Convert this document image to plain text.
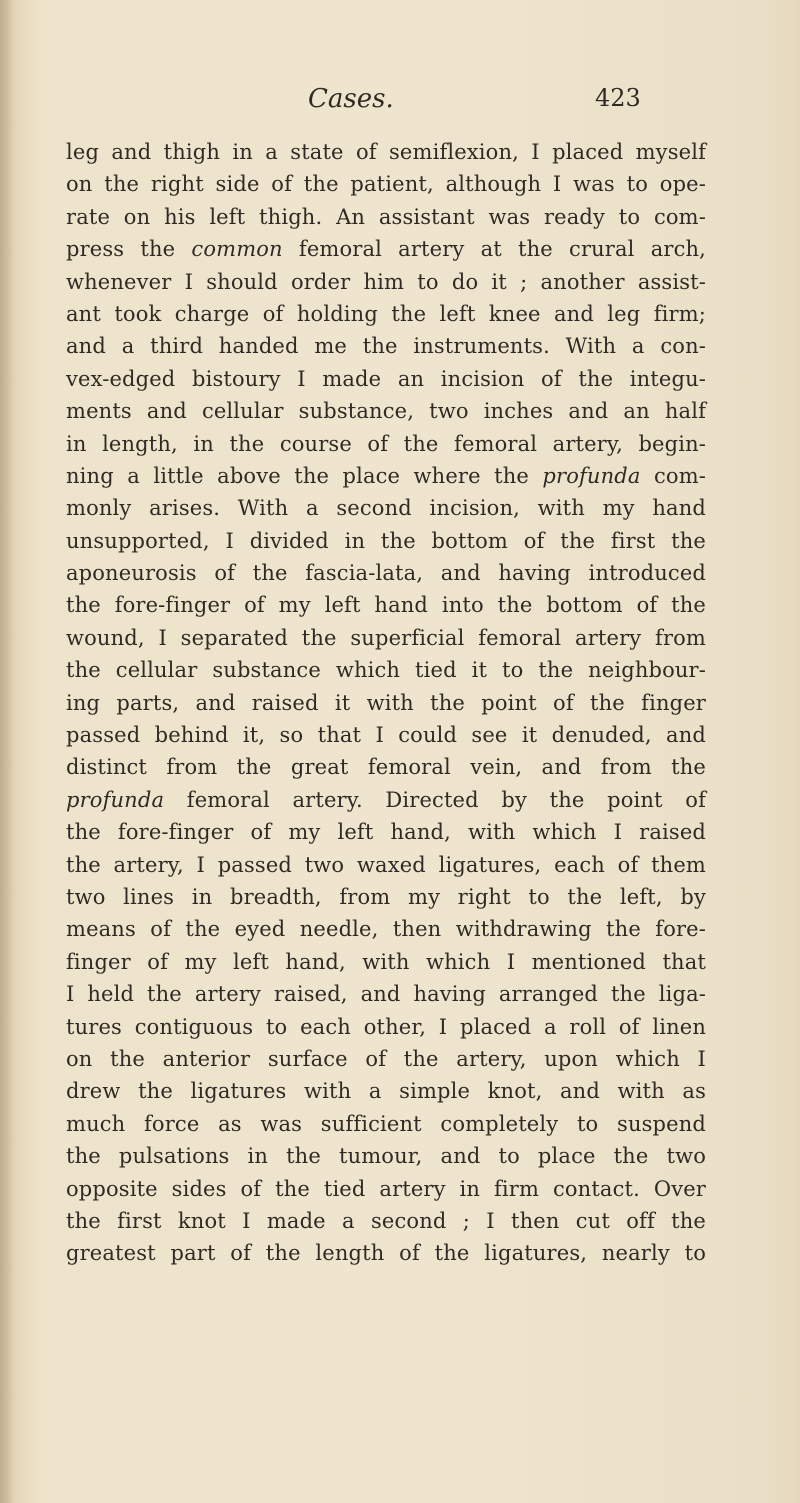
Cases.	423
leg and thigh in a state of semiflexion, I placed myself
on the right side of the patient, although I was to ope-
rate on his left thigh. An assistant was ready to com-
press the common femoral artery at the crural arch,
whenever I should order him to do it ; another assist-
ant took charge of holding the left knee and leg firm;
and a third handed me the instruments. With a con-
vex-edged bistoury I made an incision of the integu-
ments and cellular substance, two inches and an half
in length, in the course of the femoral artery, begin-
ning a little above the place where the profunda com-
monly arises. With a second incision, with my hand
unsupported, I divided in the bottom of the first the
aponeurosis of the fascia-lata, and having introduced
the fore-finger of my left hand into the bottom of the
wound, I separated the superficial femoral artery from
the cellular substance which tied it to the neighbour-
ing parts, and raised it with the point of the finger
passed behind it, so that I could see it denuded, and
distinct from the great femoral vein, and from the
profunda femoral artery. Directed by the point of
the fore-finger of my left hand, with which I raised
the artery, I passed two waxed ligatures, each of them
two lines in breadth, from my right to the left, by
means of the eyed needle, then withdrawing the fore-
finger of my left hand, with which I mentioned that
I held the artery raised, and having arranged the liga-
tures contiguous to each other, I placed a roll of linen
on the anterior surface of the artery, upon which I
drew the ligatures with a simple knot, and with as
much force as was sufficient completely to suspend
the pulsations in the tumour, and to place the two
opposite sides of the tied artery in firm contact. Over
the first knot I made a second ; I then cut off the
greatest part of the length of the ligatures, nearly to
